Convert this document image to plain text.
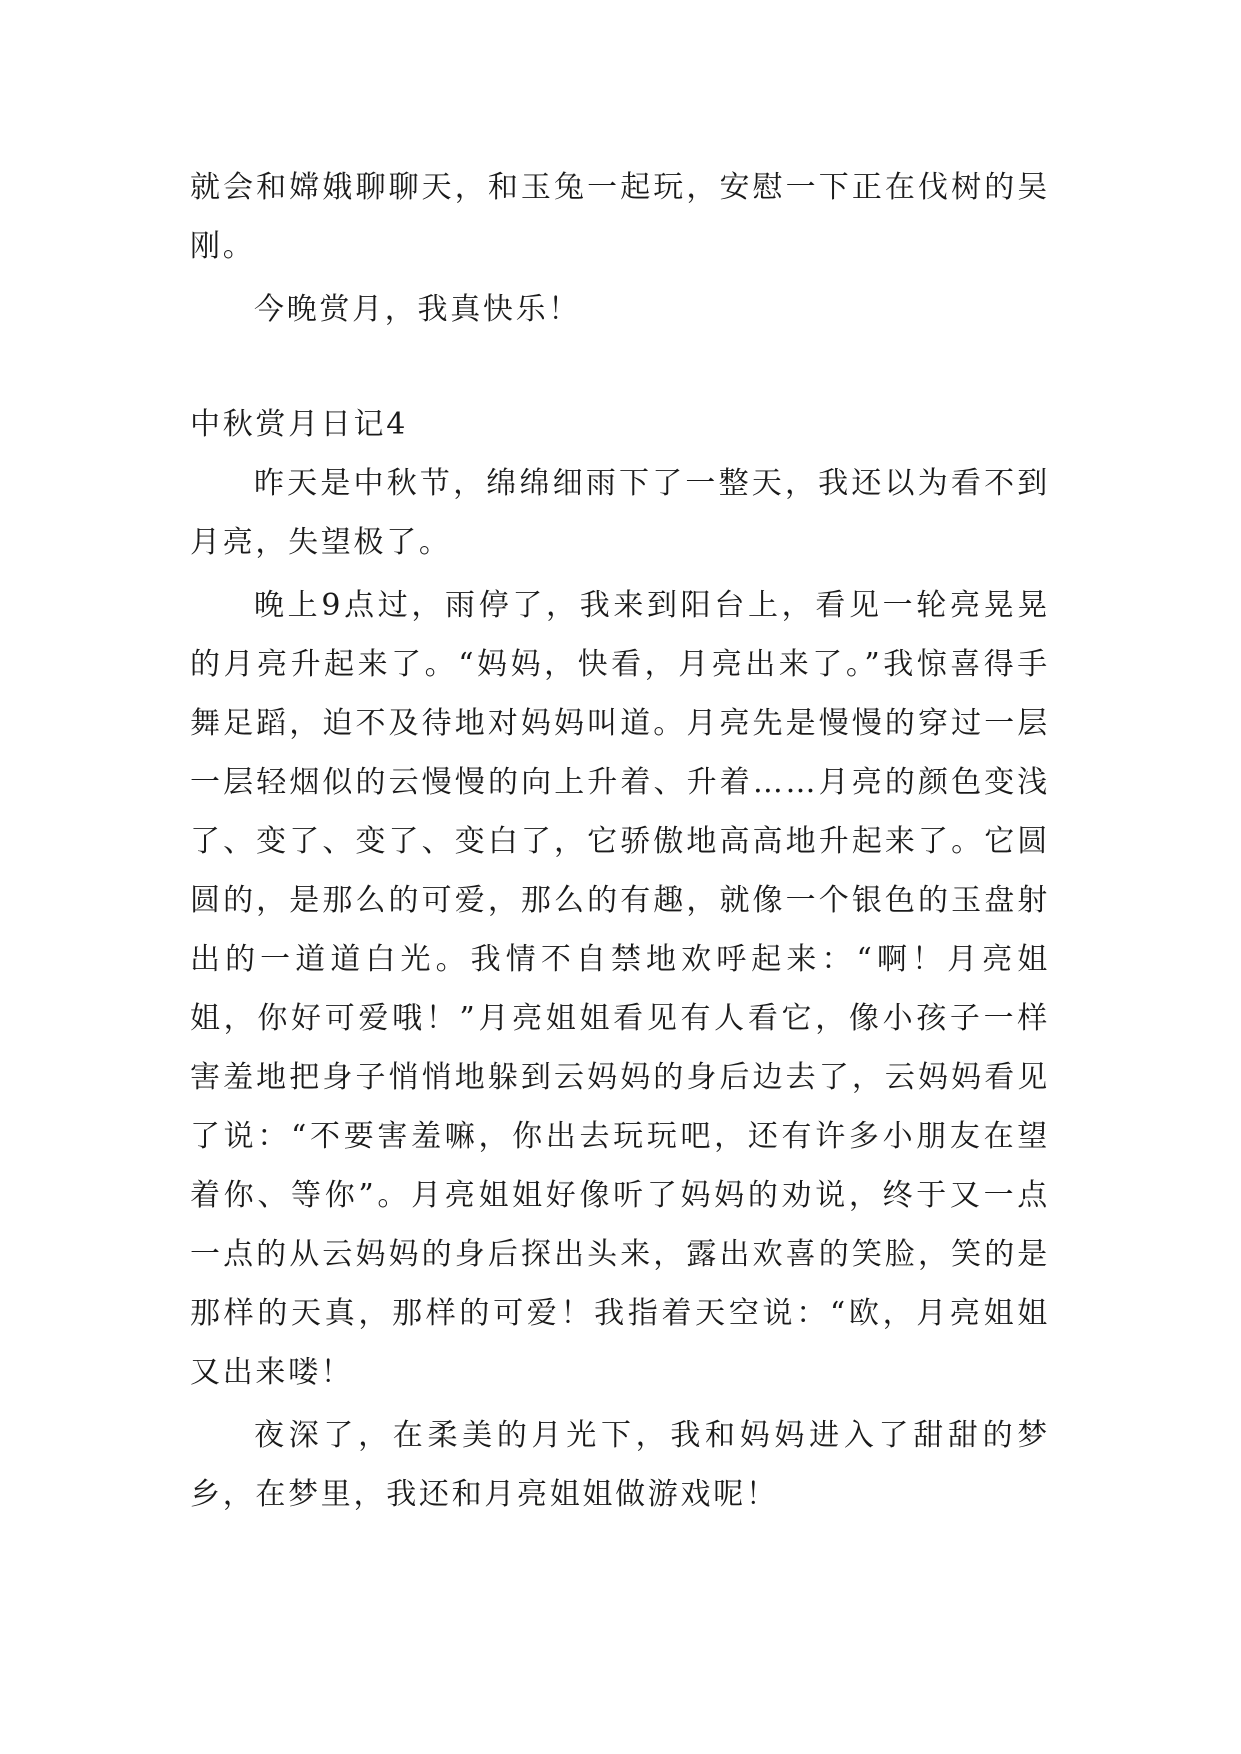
就会和嫦娥聊聊天，和玉兔一起玩，安慰一下正在伐树的吴刚。

今晚赏月，我真快乐！

中秋赏月日记4

昨天是中秋节，绵绵细雨下了一整天，我还以为看不到月亮，失望极了。

晚上9点过，雨停了，我来到阳台上，看见一轮亮晃晃的月亮升起来了。“妈妈，快看，月亮出来了。”我惊喜得手舞足蹈，迫不及待地对妈妈叫道。月亮先是慢慢的穿过一层一层轻烟似的云慢慢的向上升着、升着……月亮的颜色变浅了、变了、变了、变白了，它骄傲地高高地升起来了。它圆圆的，是那么的可爱，那么的有趣，就像一个银色的玉盘射出的一道道白光。我情不自禁地欢呼起来：“啊！月亮姐姐，你好可爱哦！”月亮姐姐看见有人看它，像小孩子一样害羞地把身子悄悄地躲到云妈妈的身后边去了，云妈妈看见了说：“不要害羞嘛，你出去玩玩吧，还有许多小朋友在望着你、等你”。月亮姐姐好像听了妈妈的劝说，终于又一点一点的从云妈妈的身后探出头来，露出欢喜的笑脸，笑的是那样的天真，那样的可爱！我指着天空说：“欧，月亮姐姐又出来喽！

夜深了，在柔美的月光下，我和妈妈进入了甜甜的梦乡，在梦里，我还和月亮姐姐做游戏呢！
